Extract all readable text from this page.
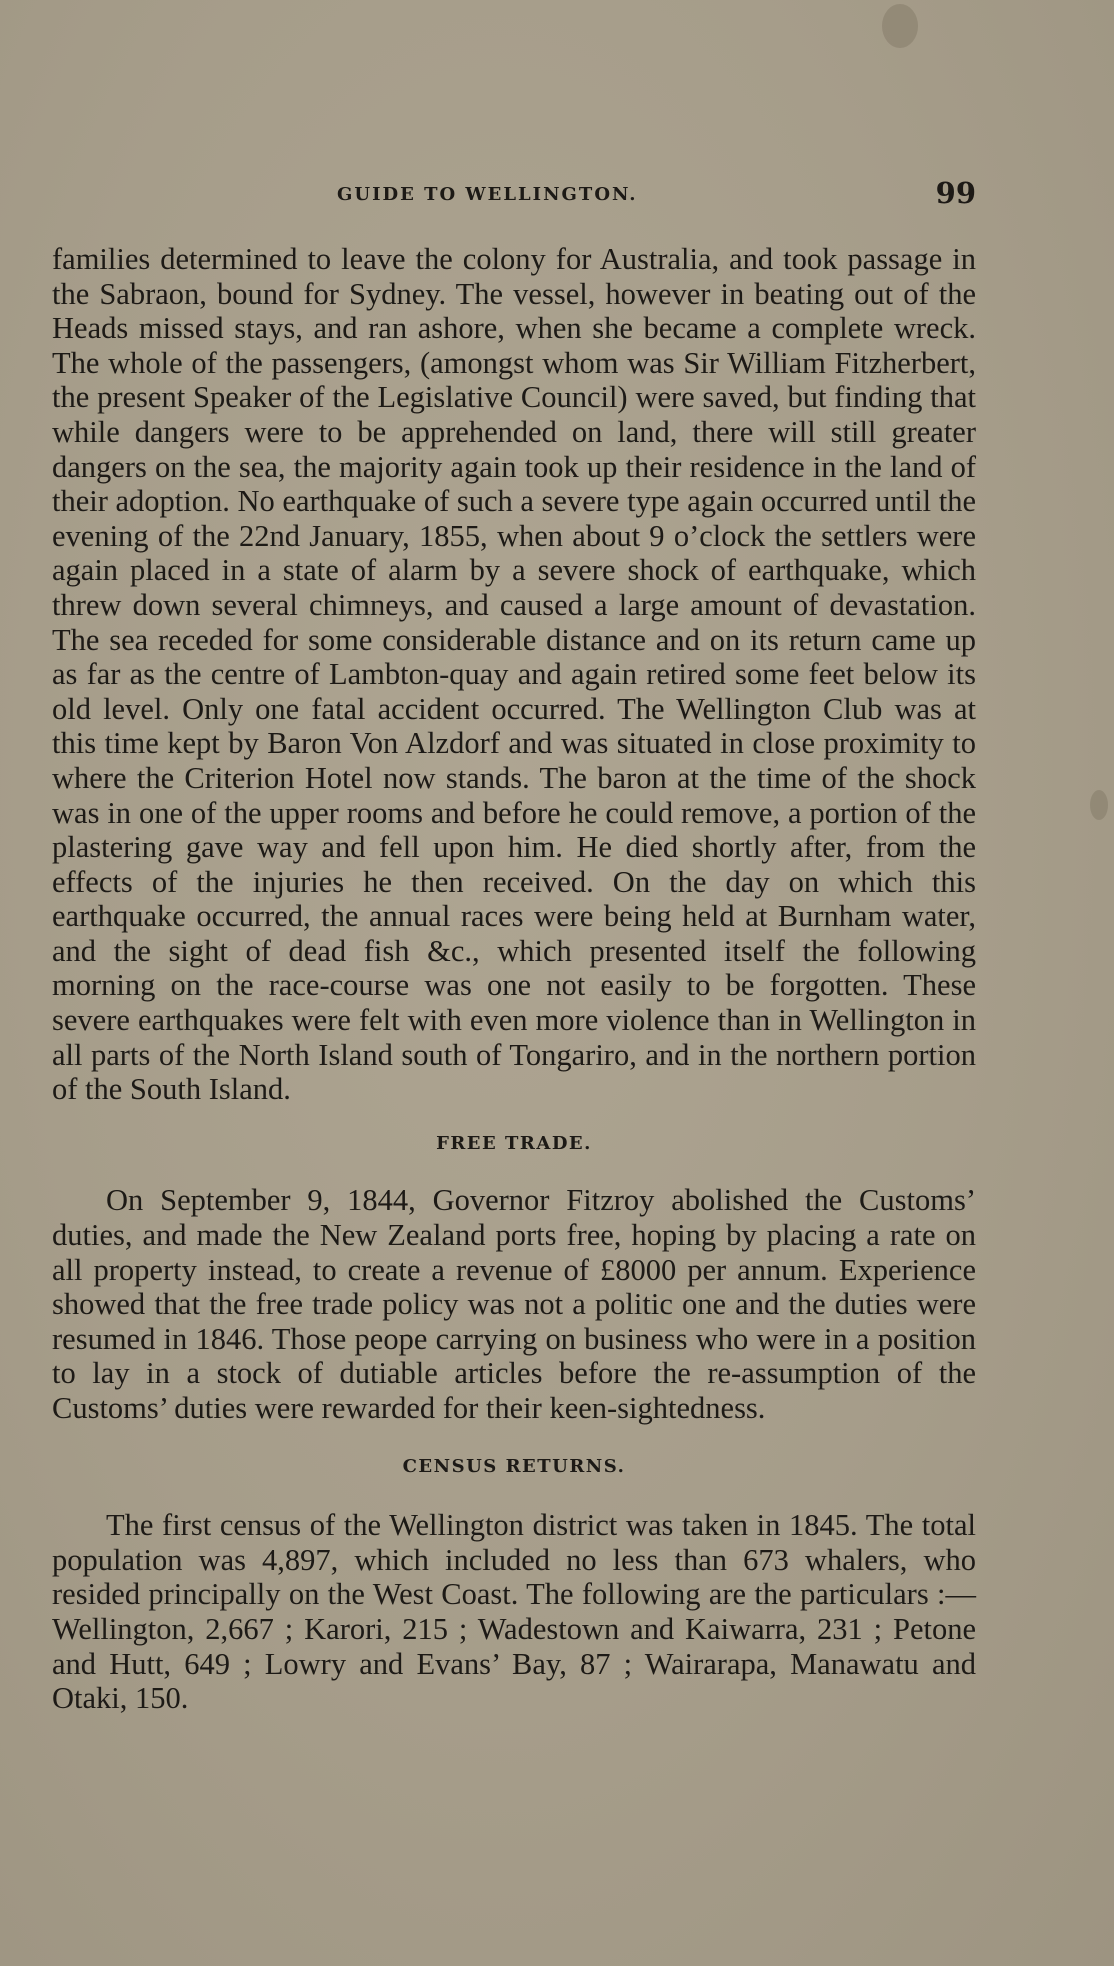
GUIDE TO WELLINGTON.	99

families determined to leave the colony for Australia, and took passage in the Sabraon, bound for Sydney. The vessel, however in beating out of the Heads missed stays, and ran ashore, when she became a complete wreck. The whole of the passengers, (amongst whom was Sir William Fitzherbert, the present Speaker of the Legislative Council) were saved, but finding that while dangers were to be apprehended on land, there will still greater dangers on the sea, the majority again took up their residence in the land of their adoption. No earthquake of such a severe type again occurred until the evening of the 22nd January, 1855, when about 9 o’clock the settlers were again placed in a state of alarm by a severe shock of earthquake, which threw down several chimneys, and caused a large amount of devastation. The sea receded for some considerable distance and on its return came up as far as the centre of Lambton-quay and again retired some feet below its old level. Only one fatal accident occurred. The Wellington Club was at this time kept by Baron Von Alzdorf and was situated in close proximity to where the Criterion Hotel now stands. The baron at the time of the shock was in one of the upper rooms and before he could remove, a portion of the plastering gave way and fell upon him. He died shortly after, from the effects of the injuries he then received. On the day on which this earthquake occurred, the annual races were being held at Burnham water, and the sight of dead fish &c., which presented itself the following morning on the race-course was one not easily to be forgotten. These severe earthquakes were felt with even more violence than in Wellington in all parts of the North Island south of Tongariro, and in the northern portion of the South Island.

FREE TRADE.

On September 9, 1844, Governor Fitzroy abolished the Customs’ duties, and made the New Zealand ports free, hoping by placing a rate on all property instead, to create a revenue of £8000 per annum. Experience showed that the free trade policy was not a politic one and the duties were resumed in 1846. Those peope carrying on business who were in a position to lay in a stock of dutiable articles before the re-assumption of the Customs’ duties were rewarded for their keen-sightedness.

CENSUS RETURNS.

The first census of the Wellington district was taken in 1845. The total population was 4,897, which included no less than 673 whalers, who resided principally on the West Coast. The following are the particulars :—Wellington, 2,667 ; Karori, 215 ; Wadestown and Kaiwarra, 231 ; Petone and Hutt, 649 ; Lowry and Evans’ Bay, 87 ; Wairarapa, Manawatu and Otaki, 150.
